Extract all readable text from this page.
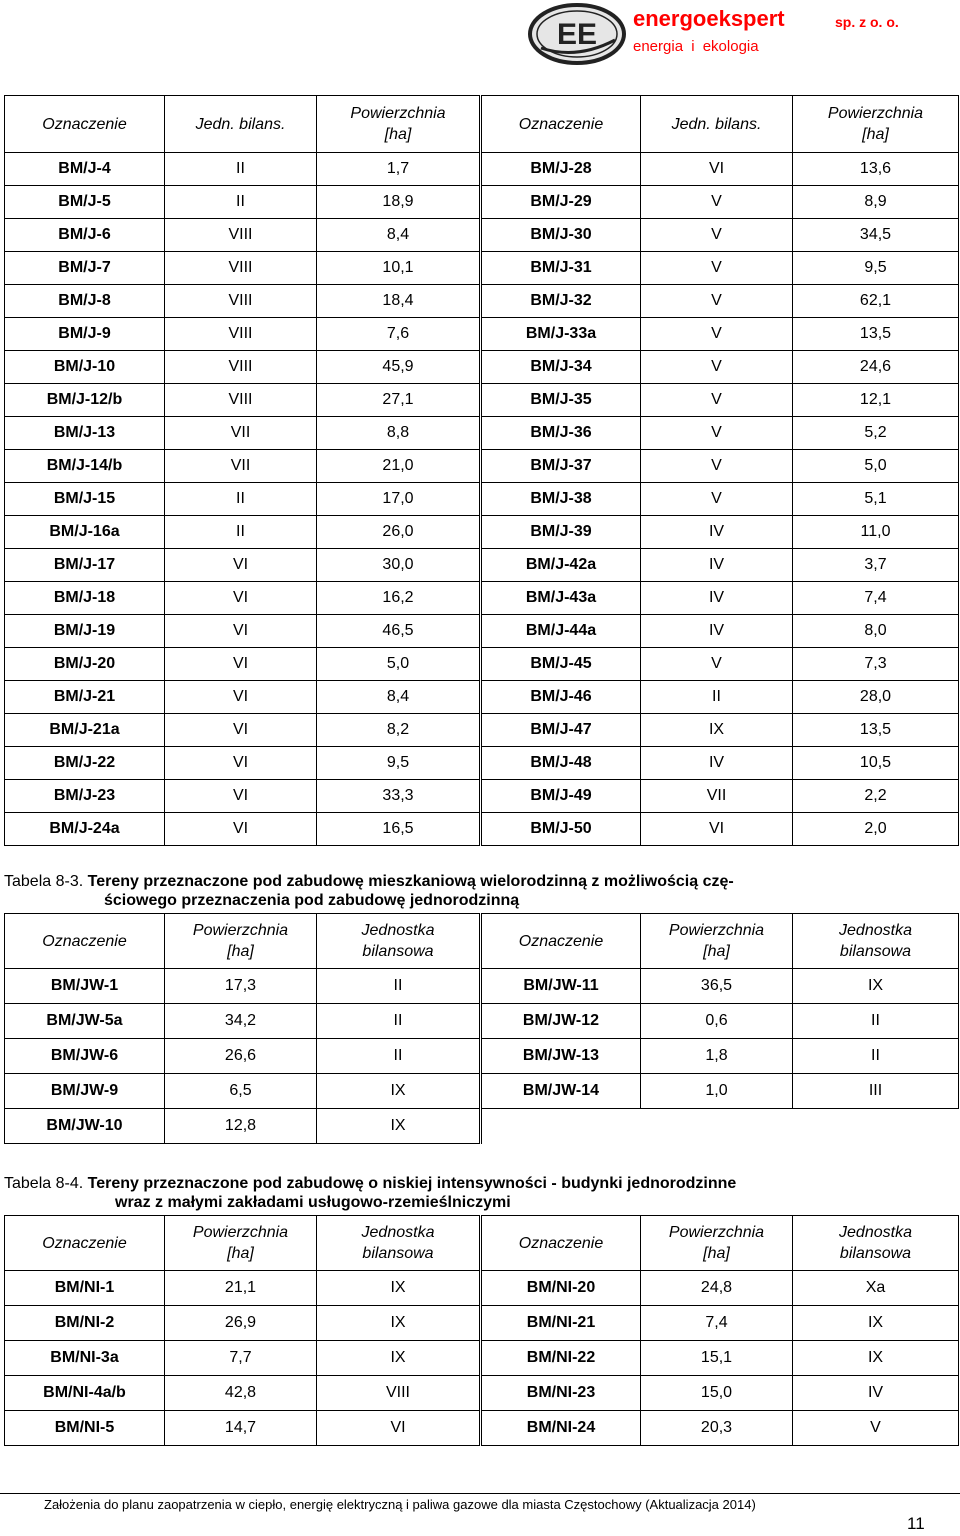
EE energoekspert	sp. z o. o.
energia i ekologia
Oznaczenie	Jedn. bilans.	Powierzchnia [ha]	Oznaczenie	Jedn. bilans.	Powierzchnia [ha]
BM/J-4	II	1,7	BM/J-28	VI	13,6
BM/J-5	II	18,9	BM/J-29	V	8,9
BM/J-6	VIII	8,4	BM/J-30	V	34,5
BM/J-7	VIII	10,1	BM/J-31	V	9,5
BM/J-8	VIII	18,4	BM/J-32	V	62,1
BM/J-9	VIII	7,6	BM/J-33a	V	13,5
BM/J-10	VIII	45,9	BM/J-34	V	24,6
BM/J-12/b	VIII	27,1	BM/J-35	V	12,1
BM/J-13	VII	8,8	BM/J-36	V	5,2
BM/J-14/b	VII	21,0	BM/J-37	V	5,0
BM/J-15	II	17,0	BM/J-38	V	5,1
BM/J-16a	II	26,0	BM/J-39	IV	11,0
BM/J-17	VI	30,0	BM/J-42a	IV	3,7
BM/J-18	VI	16,2	BM/J-43a	IV	7,4
BM/J-19	VI	46,5	BM/J-44a	IV	8,0
BM/J-20	VI	5,0	BM/J-45	V	7,3
BM/J-21	VI	8,4	BM/J-46	II	28,0
BM/J-21a	VI	8,2	BM/J-47	IX	13,5
BM/J-22	VI	9,5	BM/J-48	IV	10,5
BM/J-23	VI	33,3	BM/J-49	VII	2,2
BM/J-24a	VI	16,5	BM/J-50	VI	2,0
Tabela 8-3. Tereny przeznaczone pod zabudowę mieszkaniową wielorodzinną z możliwością czę-
ściowego przeznaczenia pod zabudowę jednorodzinną
Oznaczenie	Powierzchnia [ha]	Jednostka bilansowa	Oznaczenie	Powierzchnia [ha]	Jednostka bilansowa
BM/JW-1	17,3	II	BM/JW-11	36,5	IX
BM/JW-5a	34,2	II	BM/JW-12	0,6	II
BM/JW-6	26,6	II	BM/JW-13	1,8	II
BM/JW-9	6,5	IX	BM/JW-14	1,0	III
BM/JW-10	12,8	IX			
Tabela 8-4. Tereny przeznaczone pod zabudowę o niskiej intensywności - budynki jednorodzinne
wraz z małymi zakładami usługowo-rzemieślniczymi
Oznaczenie	Powierzchnia [ha]	Jednostka bilansowa	Oznaczenie	Powierzchnia [ha]	Jednostka bilansowa
BM/NI-1	21,1	IX	BM/NI-20	24,8	Xa
BM/NI-2	26,9	IX	BM/NI-21	7,4	IX
BM/NI-3a	7,7	IX	BM/NI-22	15,1	IX
BM/NI-4a/b	42,8	VIII	BM/NI-23	15,0	IV
BM/NI-5	14,7	VI	BM/NI-24	20,3	V
Założenia do planu zaopatrzenia w ciepło, energię elektryczną i paliwa gazowe dla miasta Częstochowy (Aktualizacja 2014)
11
